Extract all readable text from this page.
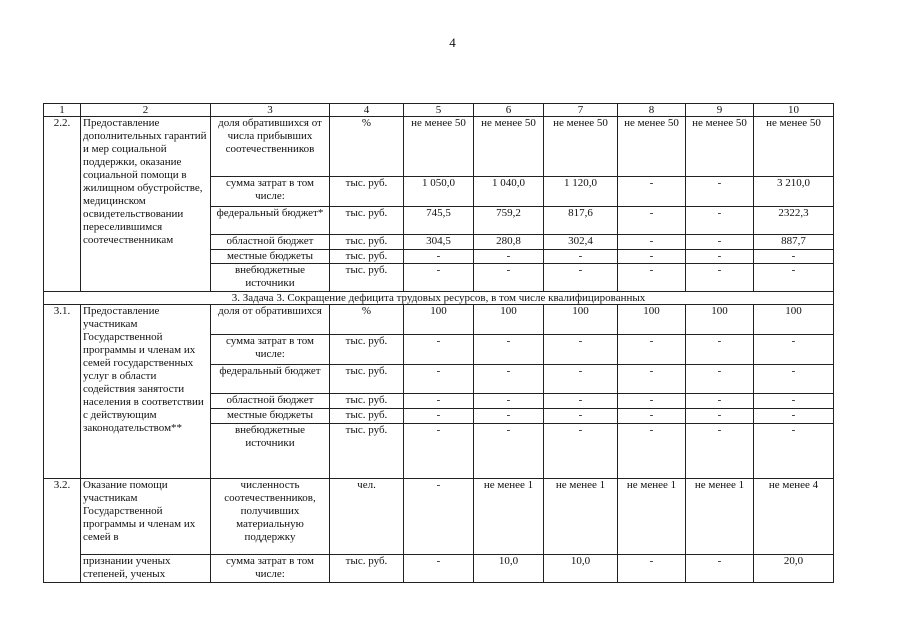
4
1	2	3	4	5	6	7	8	9	10
2.2.	Предоставление дополнительных гарантий и мер социальной поддержки, оказание социальной помощи в жилищном обустройстве, медицинском освидетельствовании переселившимся соотечественникам	доля обратившихся от числа прибывших соотечественников	%	не менее 50	не менее 50	не менее 50	не менее 50	не менее 50	не менее 50
		сумма затрат в том числе:	тыс. руб.	1 050,0	1 040,0	1 120,0	-	-	3 210,0
		федеральный бюджет*	тыс. руб.	745,5	759,2	817,6	-	-	2322,3
		областной бюджет	тыс. руб.	304,5	280,8	302,4	-	-	887,7
		местные бюджеты	тыс. руб.	-	-	-	-	-	-
		внебюджетные источники	тыс. руб.	-	-	-	-	-	-
3. Задача 3. Сокращение дефицита трудовых ресурсов, в том числе квалифицированных									
3.1.	Предоставление участникам Государственной программы и членам их семей государственных услуг в области содействия занятости населения в соответствии с действующим законодательством**	доля от обратившихся	%	100	100	100	100	100	100
		сумма затрат в том числе:	тыс. руб.	-	-	-	-	-	-
		федеральный бюджет	тыс. руб.	-	-	-	-	-	-
		областной бюджет	тыс. руб.	-	-	-	-	-	-
		местные бюджеты	тыс. руб.	-	-	-	-	-	-
		внебюджетные источники	тыс. руб.	-	-	-	-	-	-
3.2.	Оказание помощи участникам Государственной программы и членам их семей в	численность соотечественников, получивших материальную поддержку	чел.	-	не менее 1	не менее 1	не менее 1	не менее 1	не менее 4
	признании ученых степеней, ученых	сумма затрат в том числе:	тыс. руб.	-	10,0	10,0	-	-	20,0
